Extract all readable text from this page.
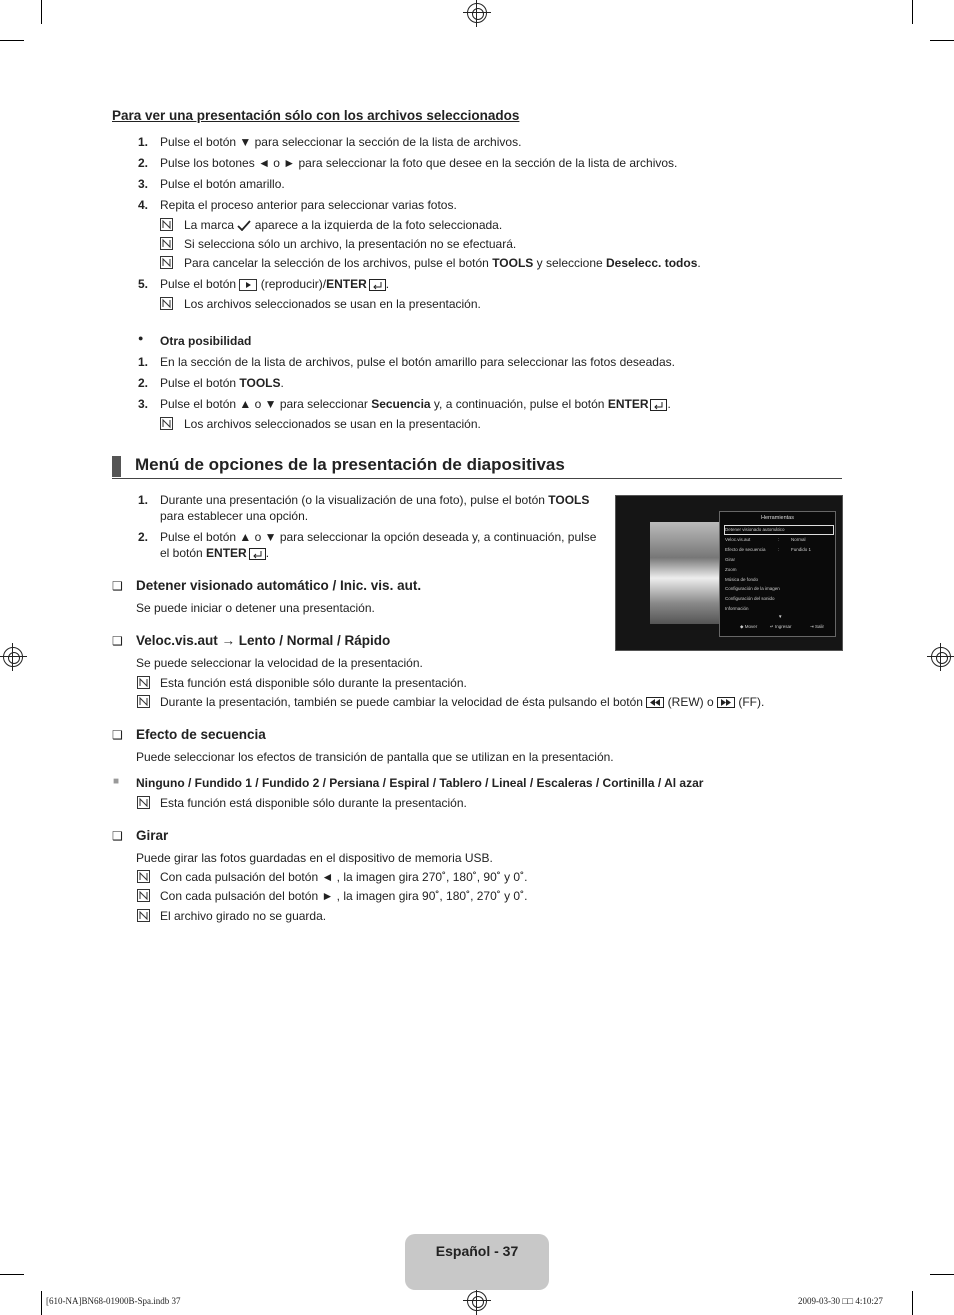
Para ver una presentación sólo con los archivos seleccionados
1. Pulse el botón ▼ para seleccionar la sección de la lista de archivos.
2. Pulse los botones ◄ o ► para seleccionar la foto que desee en la sección de la lista de archivos.
3. Pulse el botón amarillo.
4. Repita el proceso anterior para seleccionar varias fotos.
La marca  aparece a la izquierda de la foto seleccionada.
Si selecciona sólo un archivo, la presentación no se efectuará.
Para cancelar la selección de los archivos, pulse el botón TOOLS y seleccione Deselecc. todos.
5. Pulse el botón
(reproducir)/ENTER .
Los archivos seleccionados se usan en la presentación.
● Otra posibilidad
1. En la sección de la lista de archivos, pulse el botón amarillo para seleccionar las fotos deseadas.
2. Pulse el botón TOOLS.
3. Pulse el botón ▲ o ▼ para seleccionar Secuencia y, a continuación, pulse el botón ENTER .
Los archivos seleccionados se usan en la presentación.
Menú de opciones de la presentación de diapositivas
1. Durante una presentación (o la visualización de una foto), pulse el botón TOOLS
para establecer una opción.
2. Pulse el botón ▲ o ▼ para seleccionar la opción deseada y, a continuación, pulse
el botón ENTER .
Herramientas
Detener visionado automático
Veloc.vis.aut	:	Normal
Efecto de secuencia	:	Fundido 1
Girar
Zoom
Música de fondo
Configuración de la imagen
Configuración del sonido
Información
▼
◆ Mover	↵ Ingresar	⇥ Salir
❑ Detener visionado automático / Inic. vis. aut.
Se puede iniciar o detener una presentación.
❑ Veloc.vis.aut → Lento / Normal / Rápido
Se puede seleccionar la velocidad de la presentación.
Esta función está disponible sólo durante la presentación.
Durante la presentación, también se puede cambiar la velocidad de ésta pulsando el botón  (REW) o  (FF).
❑ Efecto de secuencia
Puede seleccionar los efectos de transición de pantalla que se utilizan en la presentación.
■ Ninguno / Fundido 1 / Fundido 2 / Persiana / Espiral / Tablero / Lineal / Escaleras / Cortinilla / Al azar
Esta función está disponible sólo durante la presentación.
❑ Girar
Puede girar las fotos guardadas en el dispositivo de memoria USB.
Con cada pulsación del botón ◄ , la imagen gira 270˚, 180˚, 90˚ y 0˚.
Con cada pulsación del botón ► , la imagen gira 90˚, 180˚, 270˚ y 0˚.
El archivo girado no se guarda.
Español - 37
[610-NA]BN68-01900B-Spa.indb 37	2009-03-30 □□ 4:10:27
